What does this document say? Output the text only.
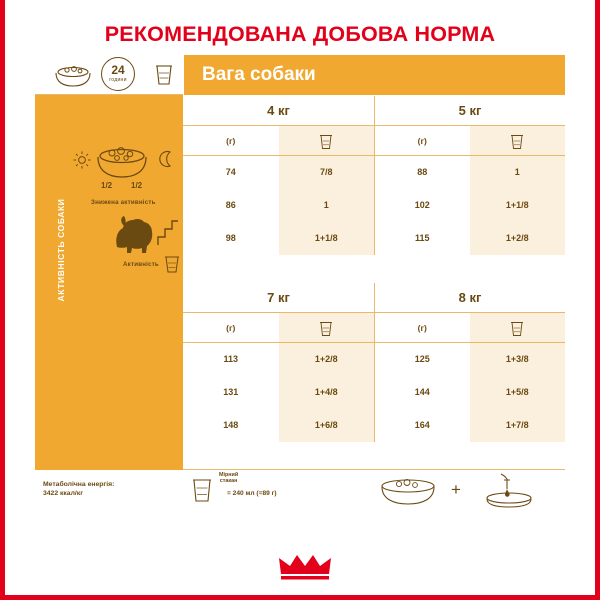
РЕКОМЕНДОВАНА ДОБОВА НОРМА
24
години
АКТИВНІСТЬ СОБАКИ
1/2 1/2
Знижена активність
Активність
Метаболічна енергія:
3422 ккал/кг
Вага собаки
4 кг	5 кг
(г)	(г)
74	7/8	88	1
86	1	102	1+1/8
98	1+1/8	115	1+2/8
7 кг	8 кг
(г)	(г)
113	1+2/8	125	1+3/8
131	1+4/8	144	1+5/8
148	1+6/8	164	1+7/8
Мірний
стакан
= 240 мл (=89 г)	+
